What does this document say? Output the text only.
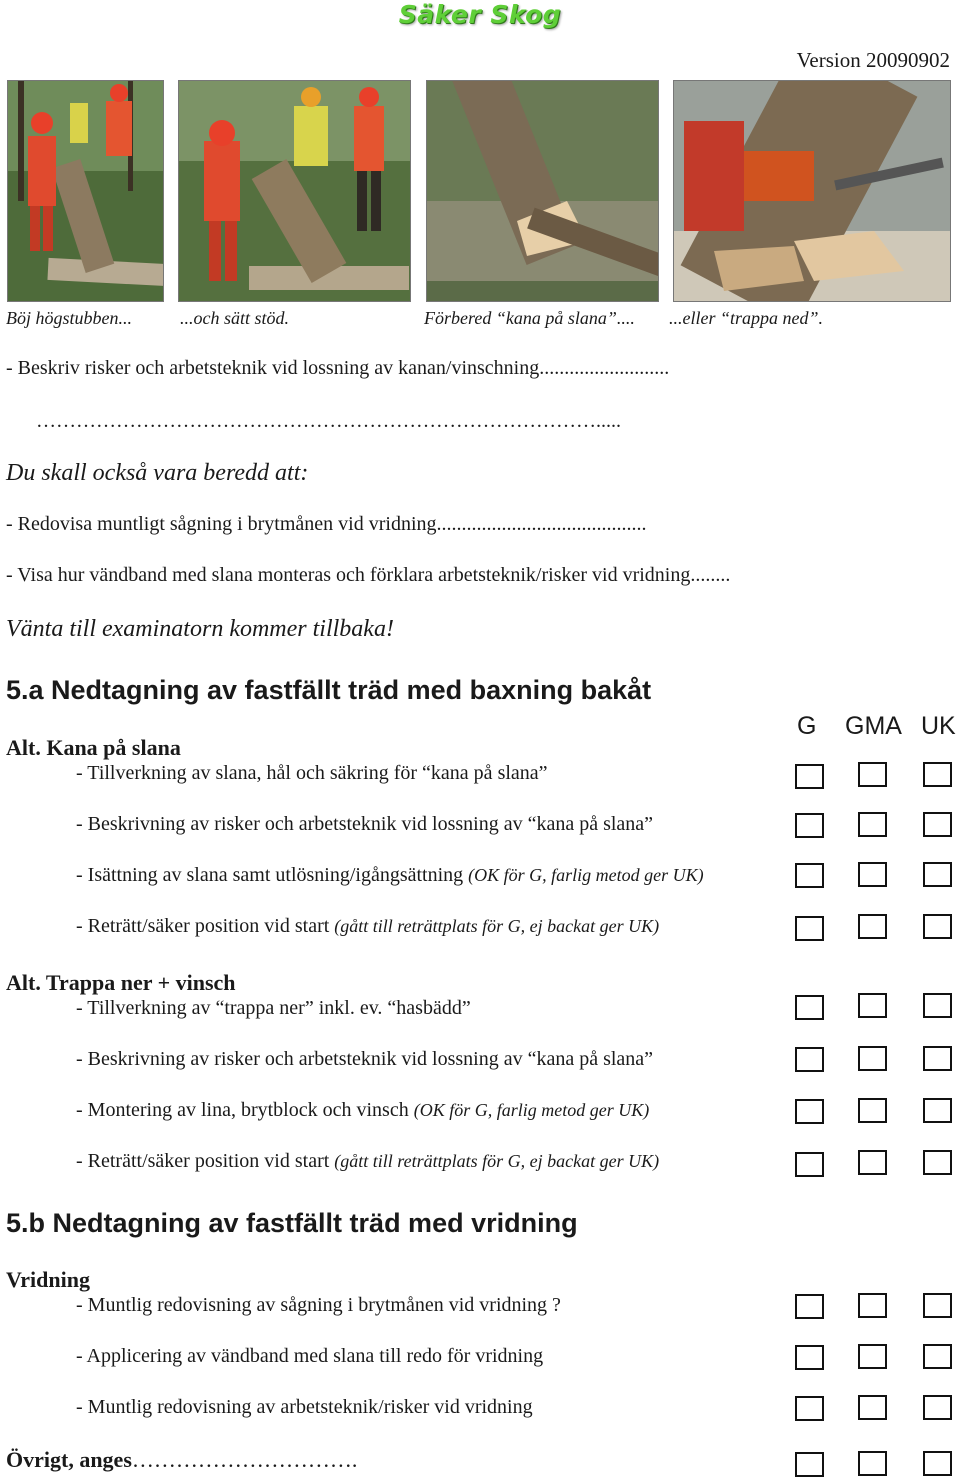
Säker Skog
Version 20090902
Böj högstubben...	...och sätt stöd.	Förbered “kana på slana”.... ...eller “trappa ned”.
- Beskriv risker och arbetsteknik vid lossning av kanan/vinschning..........................
………………………………………………………………………….....
Du skall också vara beredd att:
- Redovisa muntligt sågning i brytmånen vid vridning..........................................
- Visa hur vändband med slana monteras och förklara arbetsteknik/risker vid vridning........
Vänta till examinatorn kommer tillbaka!
5.a Nedtagning av fastfällt träd med baxning bakåt
G GMA UK
Alt. Kana på slana
- Tillverkning av slana, hål och säkring för “kana på slana”
- Beskrivning av risker och arbetsteknik vid lossning av “kana på slana”
- Isättning av slana samt utlösning/igångsättning (OK för G, farlig metod ger UK)
- Reträtt/säker position vid start (gått till reträttplats för G, ej backat ger UK)
Alt. Trappa ner + vinsch
- Tillverkning av “trappa ner” inkl. ev. “hasbädd”
- Beskrivning av risker och arbetsteknik vid lossning av “kana på slana”
- Montering av lina, brytblock och vinsch (OK för G, farlig metod ger UK)
- Reträtt/säker position vid start (gått till reträttplats för G, ej backat ger UK)
5.b Nedtagning av fastfällt träd med vridning
Vridning
- Muntlig redovisning av sågning i brytmånen vid vridning ?
- Applicering av vändband med slana till redo för vridning
- Muntlig redovisning av arbetsteknik/risker vid vridning
Övrigt, anges………………………….
